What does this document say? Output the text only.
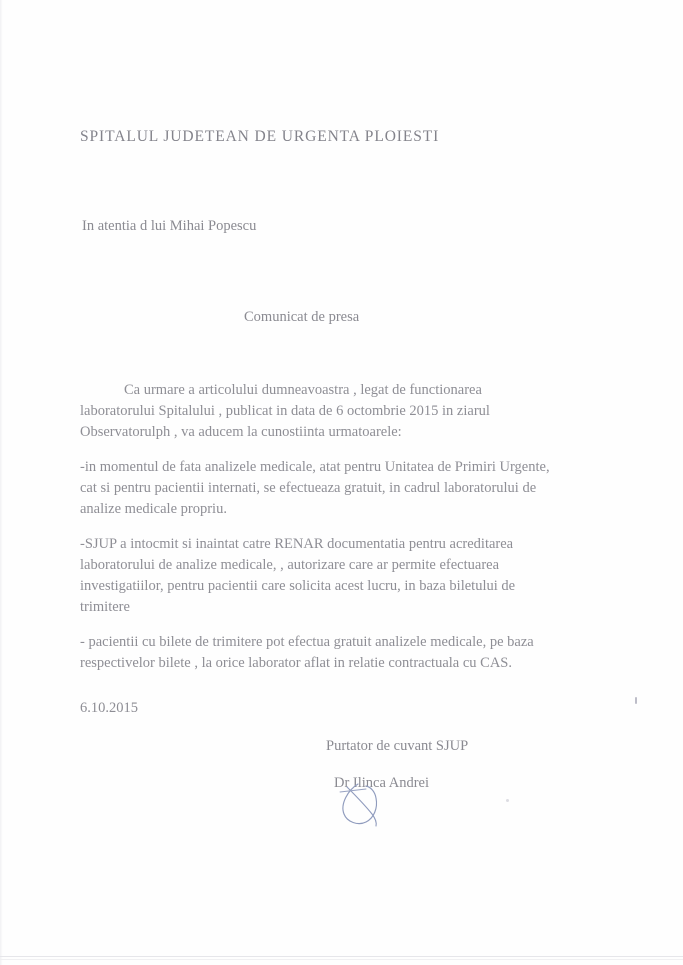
SPITALUL JUDETEAN DE URGENTA PLOIESTI
In atentia d lui Mihai Popescu
Comunicat de presa

Ca urmare a articolului dumneavoastra , legat de functionarea laboratorului Spitalului , publicat in data de 6 octombrie 2015 in ziarul Observatorulph , va aducem la cunostiinta urmatoarele:

-in momentul de fata analizele medicale, atat pentru Unitatea de Primiri Urgente, cat si pentru pacientii internati, se efectueaza gratuit, in cadrul laboratorului de analize medicale propriu.

-SJUP a intocmit si inaintat catre RENAR documentatia pentru acreditarea laboratorului de analize medicale, , autorizare care ar permite efectuarea investigatiilor, pentru pacientii care solicita acest lucru, in baza biletului de trimitere

- pacientii cu bilete de trimitere pot efectua gratuit analizele medicale, pe baza respectivelor bilete , la orice laborator aflat in relatie contractuala cu CAS.

6.10.2015
Purtator de cuvant SJUP
Dr Ilinca Andrei
